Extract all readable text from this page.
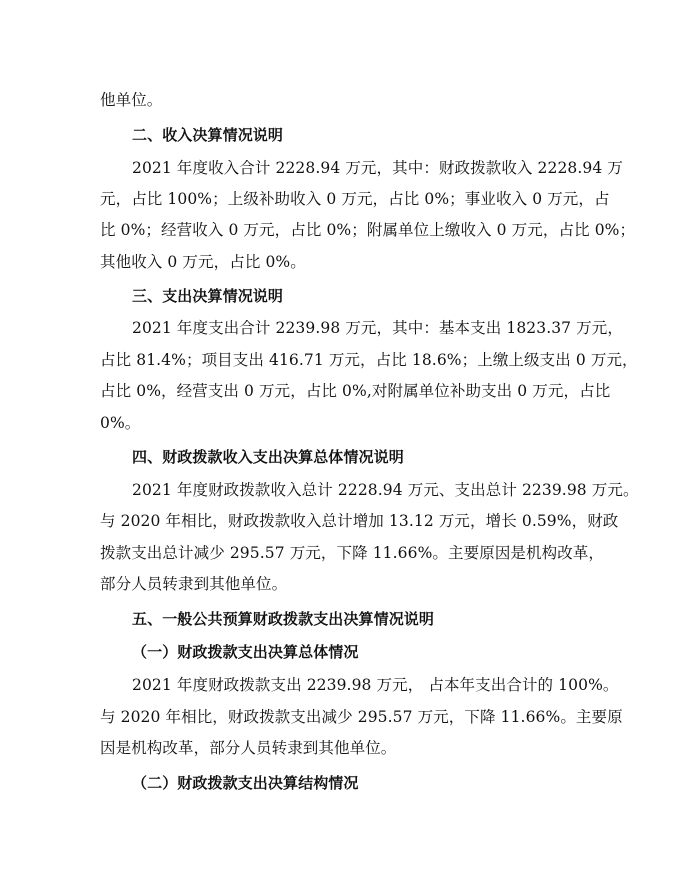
他单位。
二、收入决算情况说明
2021 年度收入合计 2228.94 万元，其中：财政拨款收入 2228.94 万
元，占比 100%；上级补助收入 0 万元，占比 0%；事业收入 0 万元，占
比 0%；经营收入 0 万元，占比 0%；附属单位上缴收入 0 万元，占比 0%；
其他收入 0 万元，占比 0%。
三、支出决算情况说明
2021 年度支出合计 2239.98 万元，其中：基本支出 1823.37 万元，
占比 81.4%；项目支出 416.71 万元，占比 18.6%；上缴上级支出 0 万元，
占比 0%，经营支出 0 万元，占比 0%,对附属单位补助支出 0 万元，占比
0%。
四、财政拨款收入支出决算总体情况说明
2021 年度财政拨款收入总计 2228.94 万元、支出总计 2239.98 万元。
与 2020 年相比，财政拨款收入总计增加 13.12 万元，增长 0.59%，财政
拨款支出总计减少 295.57 万元，下降 11.66%。主要原因是机构改革，
部分人员转隶到其他单位。
五、一般公共预算财政拨款支出决算情况说明
（一）财政拨款支出决算总体情况
2021 年度财政拨款支出 2239.98 万元， 占本年支出合计的 100%。
与 2020 年相比，财政拨款支出减少 295.57 万元，下降 11.66%。主要原
因是机构改革，部分人员转隶到其他单位。
（二）财政拨款支出决算结构情况
